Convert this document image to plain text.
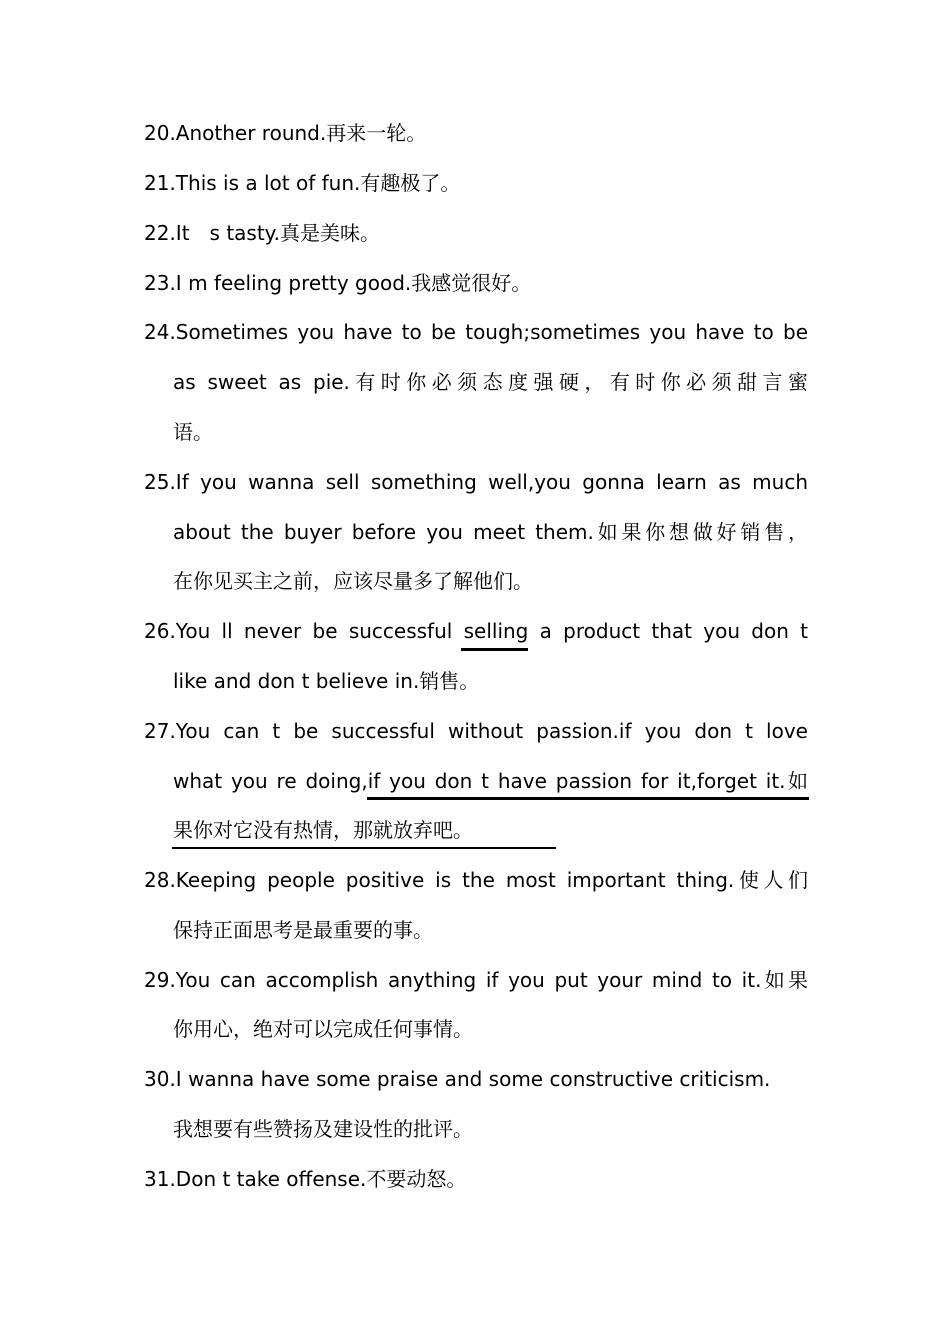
20.Another round.再来一轮。
21.This is a lot of fun.有趣极了。
22.It　ꜱ tasty.真是美味。
23.I m feeling pretty good.我感觉很好。
24.Sometimes you have to be tough;sometimes you have to be
as sweet as pie.有时你必须态度强硬，有时你必须甜言蜜
语。
25.If you wanna sell something well,you gonna learn as much
about the buyer before you meet them.如果你想做好销售，
在你见买主之前，应该尽量多了解他们。
26.You ll never be successful selling a product that you don t
like and don t believe in.销售。
27.You can t be successful without passion.if you don t love
what you re doing,if you don t have passion for it,forget it.如
果你对它没有热情，那就放弃吧。
28.Keeping people positive is the most important thing.使人们
保持正面思考是最重要的事。
29.You can accomplish anything if you put your mind to it.如果
你用心，绝对可以完成任何事情。
30.I wanna have some praise and some constructive criticism.
我想要有些赞扬及建设性的批评。
31.Don t take offense.不要动怒。
